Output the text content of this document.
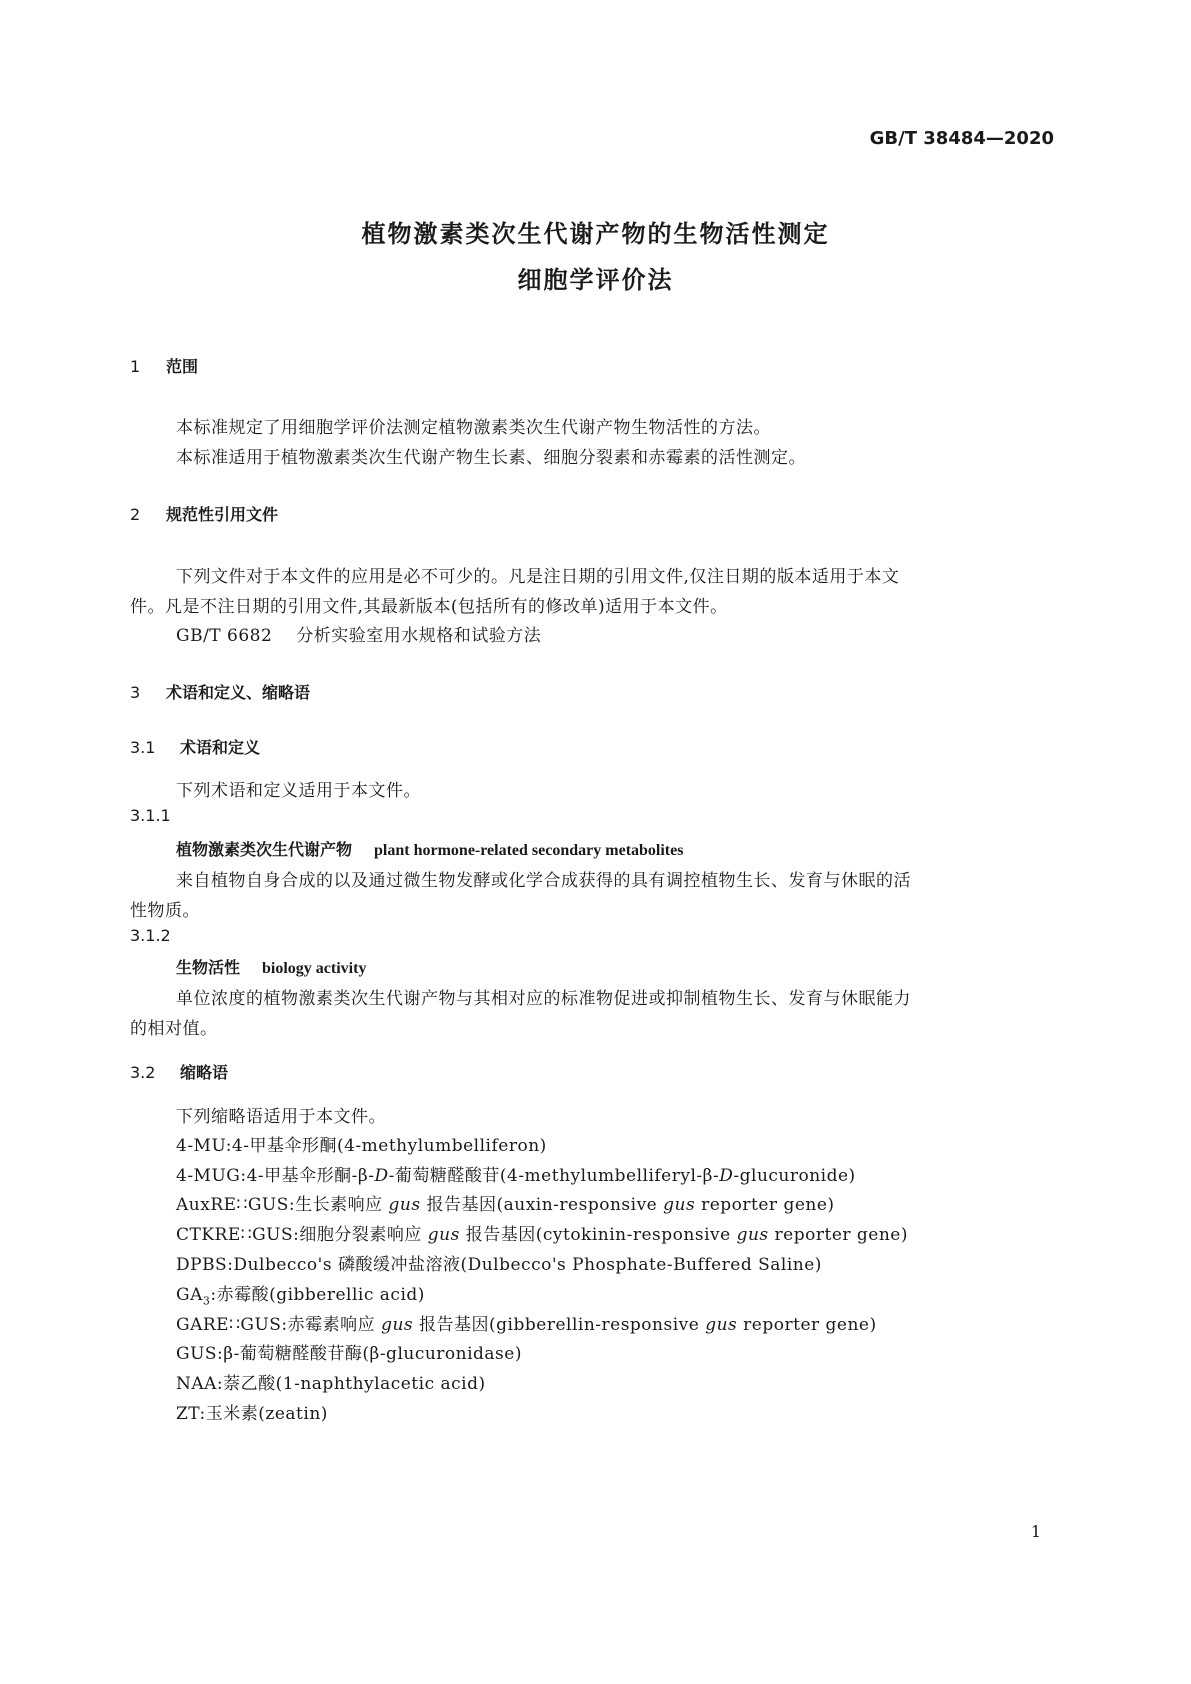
GB/T 38484—2020
植物激素类次生代谢产物的生物活性测定
细胞学评价法
1 范围
本标准规定了用细胞学评价法测定植物激素类次生代谢产物生物活性的方法。
本标准适用于植物激素类次生代谢产物生长素、细胞分裂素和赤霉素的活性测定。
2 规范性引用文件
下列文件对于本文件的应用是必不可少的。凡是注日期的引用文件,仅注日期的版本适用于本文
件。凡是不注日期的引用文件,其最新版本(包括所有的修改单)适用于本文件。
GB/T 6682 分析实验室用水规格和试验方法
3 术语和定义、缩略语
3.1 术语和定义
下列术语和定义适用于本文件。
3.1.1
植物激素类次生代谢产物 plant hormone-related secondary metabolites
来自植物自身合成的以及通过微生物发酵或化学合成获得的具有调控植物生长、发育与休眠的活
性物质。
3.1.2
生物活性 biology activity
单位浓度的植物激素类次生代谢产物与其相对应的标准物促进或抑制植物生长、发育与休眠能力
的相对值。
3.2 缩略语
下列缩略语适用于本文件。
4-MU:4-甲基伞形酮(4-methylumbelliferon)
4-MUG:4-甲基伞形酮-β-D-葡萄糖醛酸苷(4-methylumbelliferyl-β-D-glucuronide)
AuxRE∷GUS:生长素响应 gus 报告基因(auxin-responsive gus reporter gene)
CTKRE∷GUS:细胞分裂素响应 gus 报告基因(cytokinin-responsive gus reporter gene)
DPBS:Dulbecco's 磷酸缓冲盐溶液(Dulbecco's Phosphate-Buffered Saline)
$GA_3$:赤霉酸(gibberellic acid)
GARE∷GUS:赤霉素响应 gus 报告基因(gibberellin-responsive gus reporter gene)
GUS:β-葡萄糖醛酸苷酶(β-glucuronidase)
NAA:萘乙酸(1-naphthylacetic acid)
ZT:玉米素(zeatin)
1
